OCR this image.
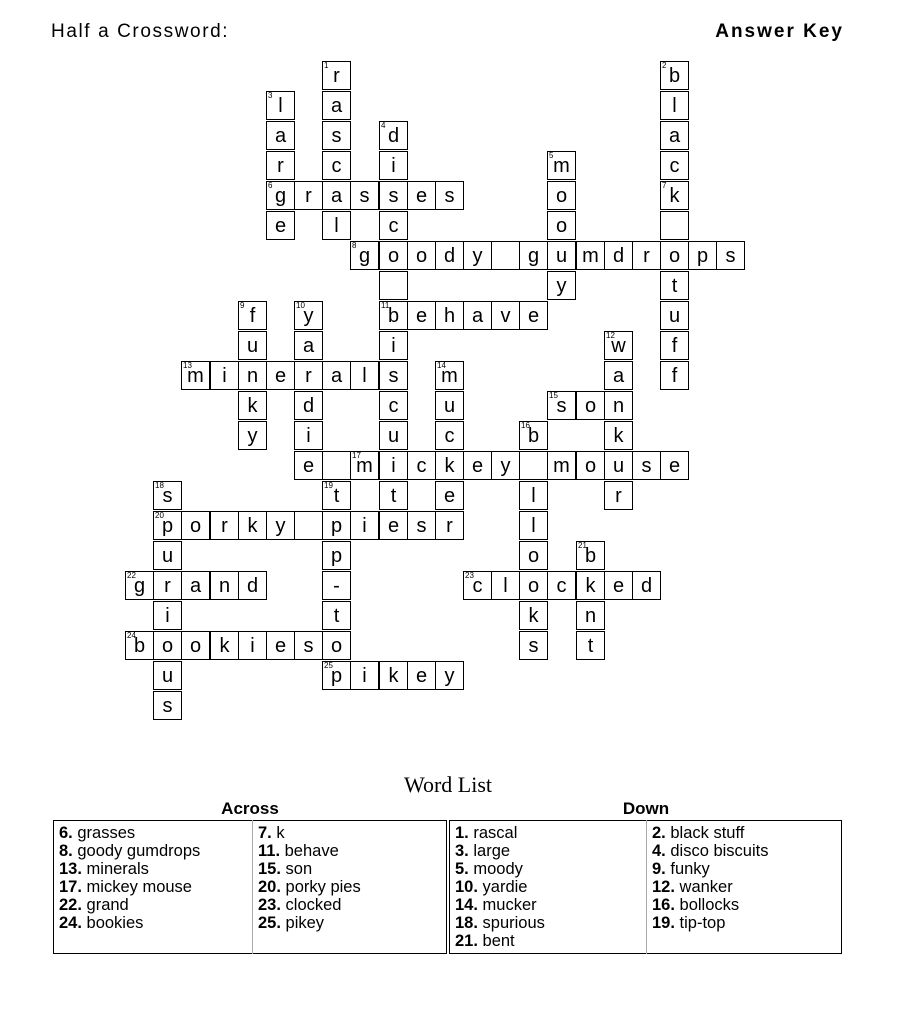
Half a Crossword:	Answer Key
1 r	2 b
3 l	a	l
a	s	4 d	a
r	c	i	5 m	c
6 g r a s s e s	o	7 k
e	l	c	o
8 g o o d y	g u m d r o p s
y	t
9 f	10
y	11
b e h a v e	u
u	a	i	12
w	f
13
m i	n e r a	l	s	14
m	a	f
k	d	c	u	15
s o n
y	i	u	c	16
b	k
e	17
m i	c k e y	m o u s e
18
s	19 t	t	e	l	r
20
p o	r k y	p	i	e s r	l
u	p	o	21
b
22
g r a n d	-	23
c	l	o c k e d
i	t	k	n
24
b o o k	i	e s o	s	t
u	25
p	i	k e y
s
Word List
Across	Down
6. grasses
8. goody gumdrops
13. minerals
17. mickey mouse
22. grand
24. bookies
7. k
11. behave
15. son
20. porky pies
23. clocked
25. pikey
1. rascal
3. large
5. moody
10. yardie
14. mucker
18. spurious
21. bent
2. black stuff
4. disco biscuits
9. funky
12. wanker
16. bollocks
19. tip-top
